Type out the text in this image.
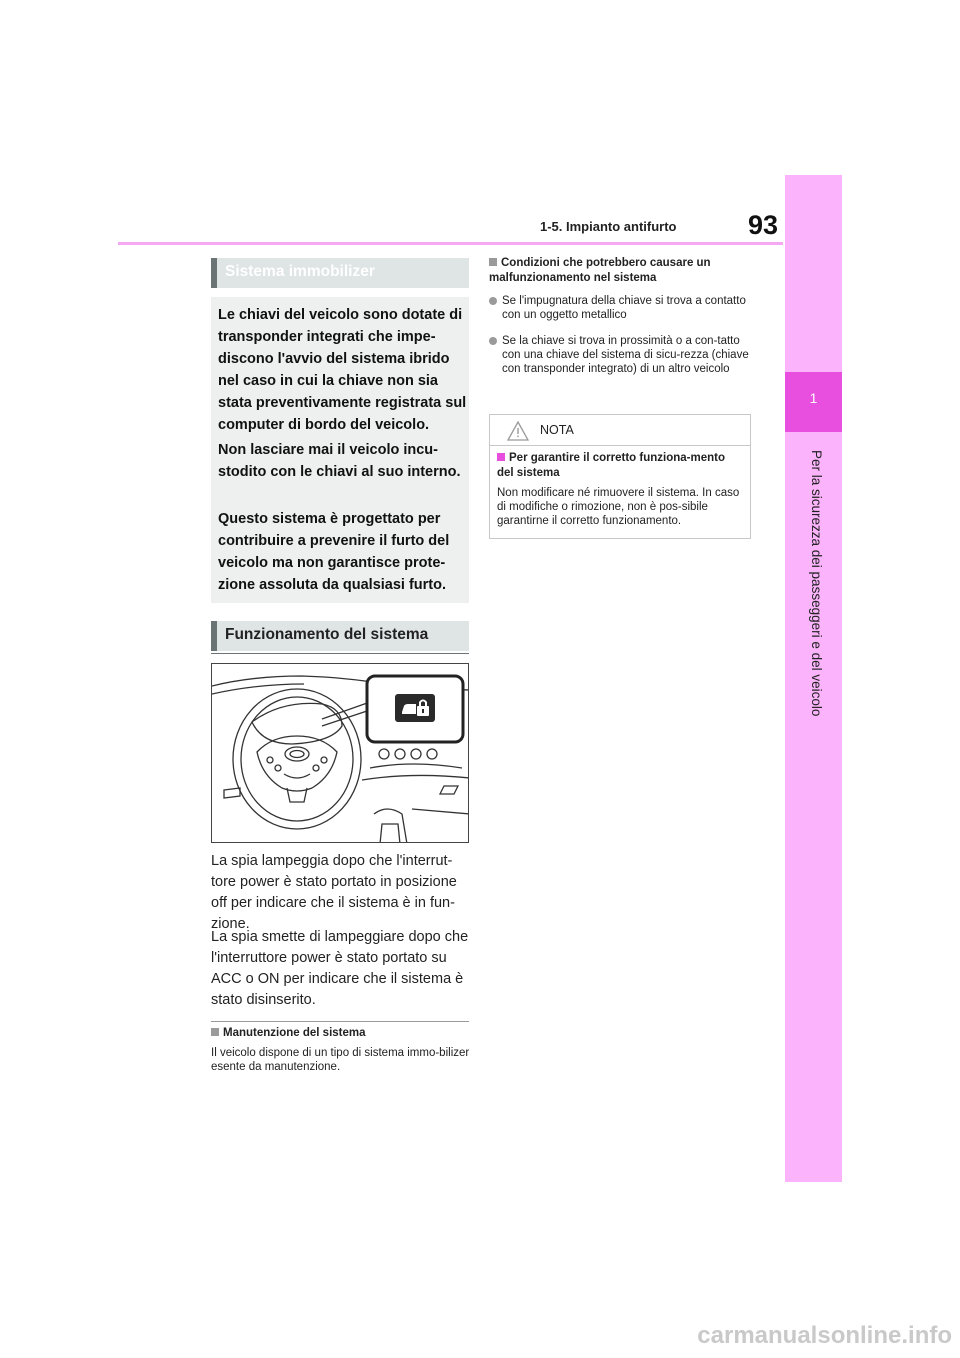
93
1-5. Impianto antifurto
1
Per la sicurezza dei passeggeri e del veicolo
Sistema immobilizer

Le chiavi del veicolo sono dotate di transponder integrati che impe-discono l'avvio del sistema ibrido nel caso in cui la chiave non sia stata preventivamente registrata sul computer di bordo del veicolo.

Non lasciare mai il veicolo incu-stodito con le chiavi al suo interno.

Questo sistema è progettato per contribuire a prevenire il furto del veicolo ma non garantisce prote-zione assoluta da qualsiasi furto.

Funzionamento del sistema
La spia lampeggia dopo che l'interrut-tore power è stato portato in posizione off per indicare che il sistema è in fun-zione.
La spia smette di lampeggiare dopo che l'interruttore power è stato portato su ACC o ON per indicare che il sistema è stato disinserito.
Manutenzione del sistema
Il veicolo dispone di un tipo di sistema immo-bilizer esente da manutenzione.
Condizioni che potrebbero causare un malfunzionamento nel sistema
Se l'impugnatura della chiave si trova a contatto con un oggetto metallico
Se la chiave si trova in prossimità o a con-tatto con una chiave del sistema di sicu-rezza (chiave con transponder integrato) di un altro veicolo
NOTA
Per garantire il corretto funziona-mento del sistema
Non modificare né rimuovere il sistema. In caso di modifiche o rimozione, non è pos-sibile garantirne il corretto funzionamento.
carmanualsonline.info
